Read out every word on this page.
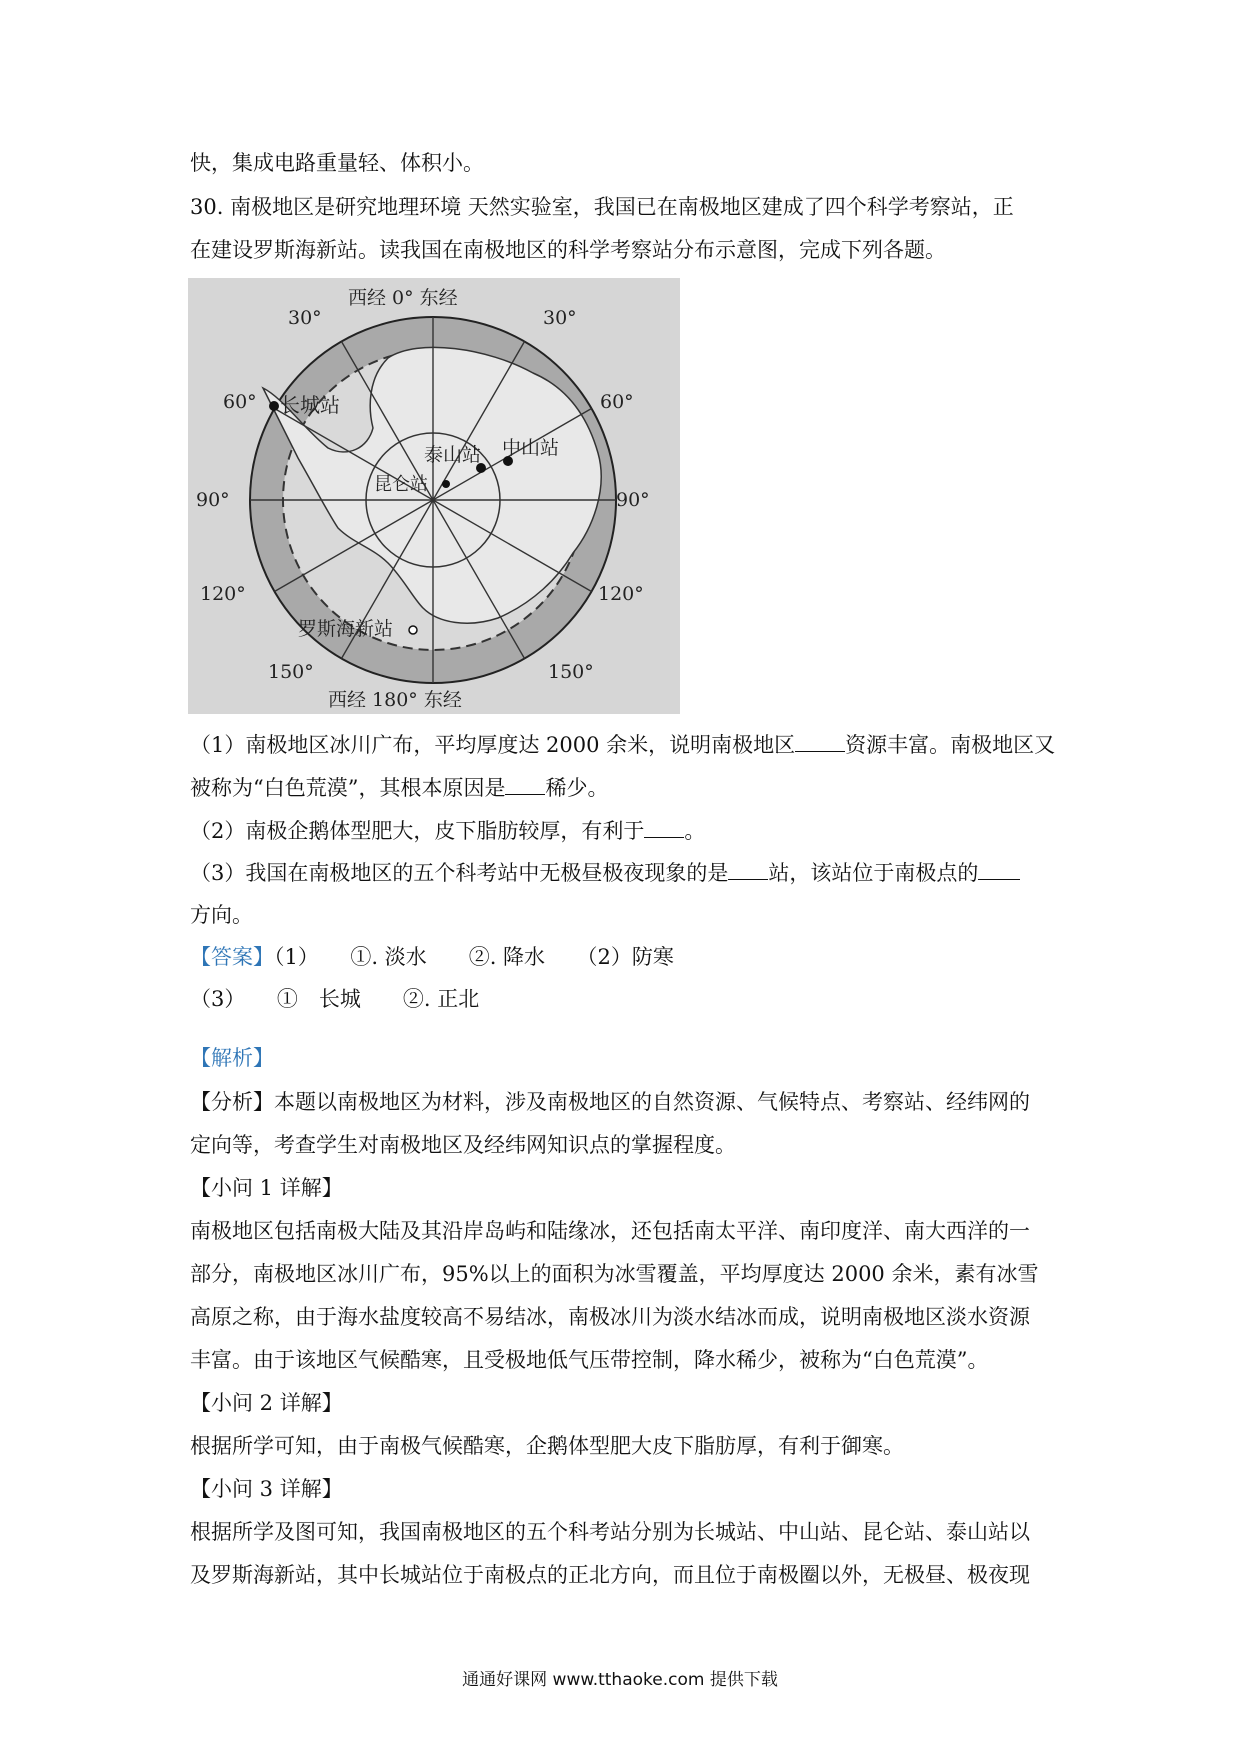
快，集成电路重量轻、体积小。
30. 南极地区是研究地理环境 天然实验室，我国已在南极地区建成了四个科学考察站，正
在建设罗斯海新站。读我国在南极地区的科学考察站分布示意图，完成下列各题。
西经 0° 东经
西经 180° 东经
30°	30°
60°	60°
90°	90°
120°	120°
150°	150°
长城站
泰山站 中山站
昆仑站
罗斯海新站
（1）南极地区冰川广布，平均厚度达 2000 余米，说明南极地区 资源丰富。南极地区又
被称为“白色荒漠”，其根本原因是 稀少。
（2）南极企鹅体型肥大，皮下脂肪较厚，有利于 。
（3）我国在南极地区的五个科考站中无极昼极夜现象的是 站，该站位于南极点的
方向。
【答案】（1）　　①. 淡水　　②. 降水　　（2）防寒
（3）　　①　长城　　②. 正北
【解析】
【分析】本题以南极地区为材料，涉及南极地区的自然资源、气候特点、考察站、经纬网的
定向等，考查学生对南极地区及经纬网知识点的掌握程度。
【小问 1 详解】
南极地区包括南极大陆及其沿岸岛屿和陆缘冰，还包括南太平洋、南印度洋、南大西洋的一
部分，南极地区冰川广布，95%以上的面积为冰雪覆盖，平均厚度达 2000 余米，素有冰雪
高原之称，由于海水盐度较高不易结冰，南极冰川为淡水结冰而成，说明南极地区淡水资源
丰富。由于该地区气候酷寒，且受极地低气压带控制，降水稀少，被称为“白色荒漠”。
【小问 2 详解】
根据所学可知，由于南极气候酷寒，企鹅体型肥大皮下脂肪厚，有利于御寒。
【小问 3 详解】
根据所学及图可知，我国南极地区的五个科考站分别为长城站、中山站、昆仑站、泰山站以
及罗斯海新站，其中长城站位于南极点的正北方向，而且位于南极圈以外，无极昼、极夜现
通通好课网 www.tthaoke.com 提供下载
